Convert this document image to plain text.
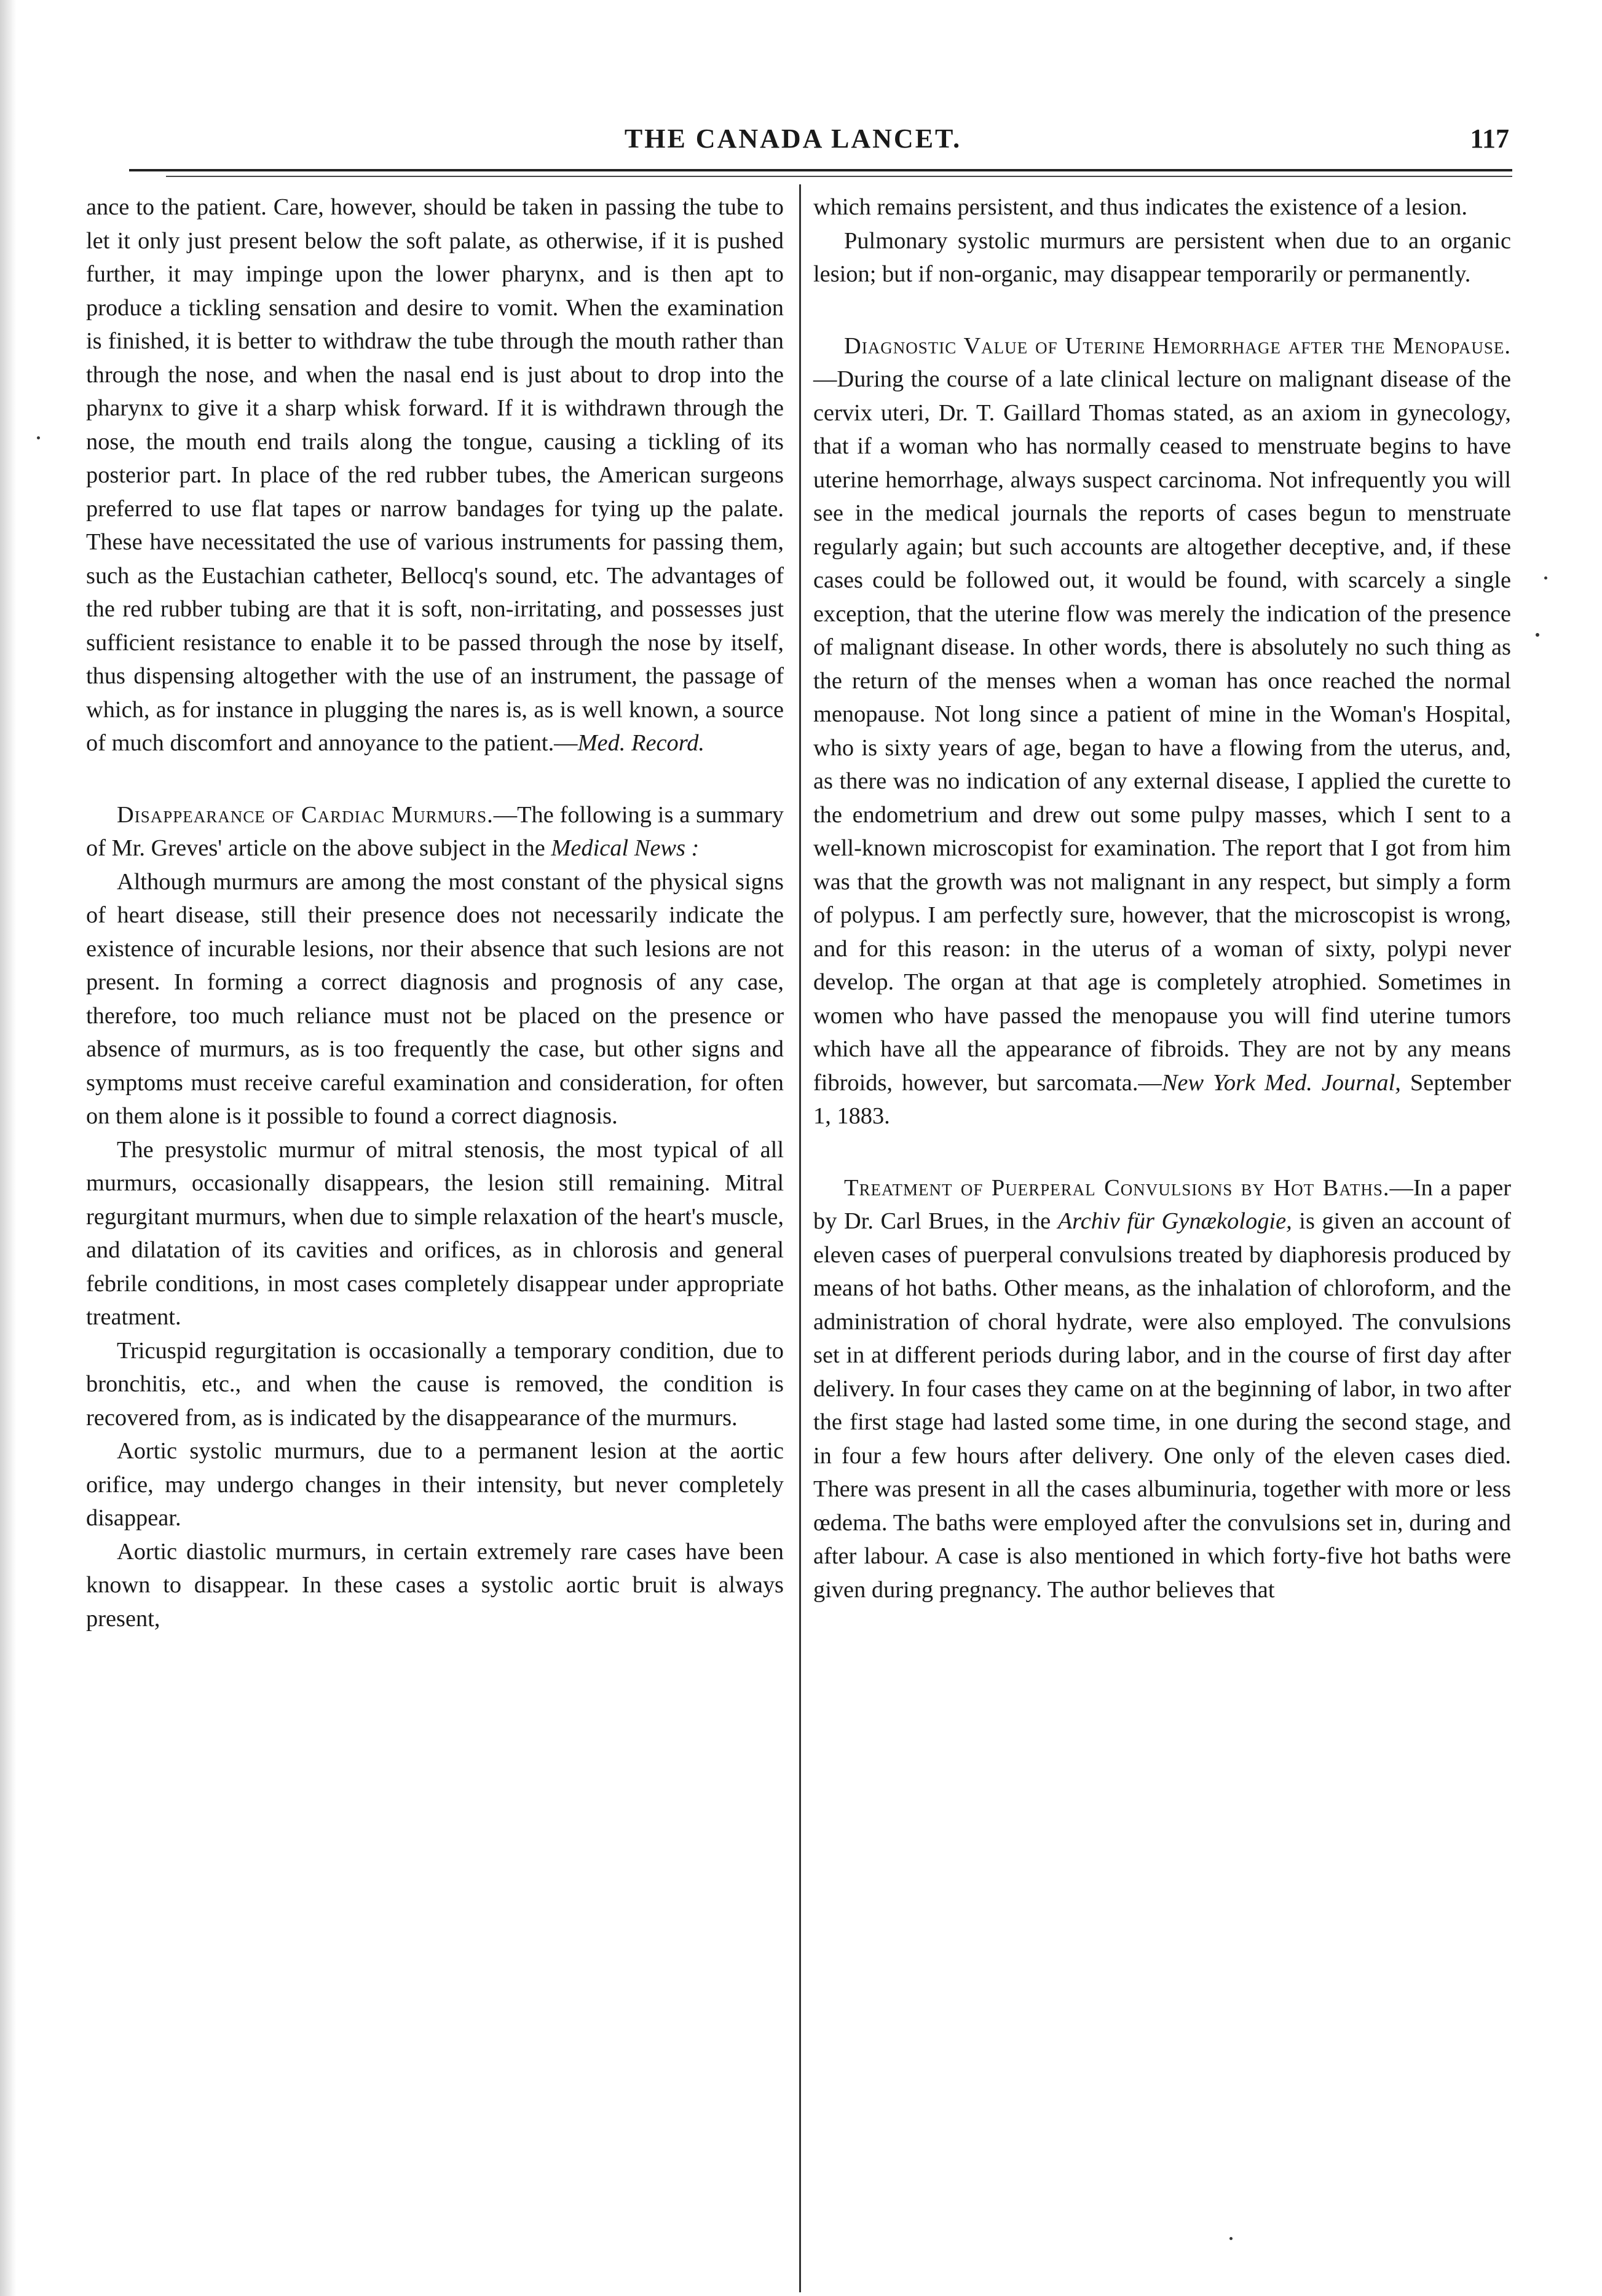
THE CANADA LANCET.	117

ance to the patient. Care, however, should be taken in passing the tube to let it only just present below the soft palate, as otherwise, if it is pushed further, it may impinge upon the lower pharynx, and is then apt to produce a tickling sensation and desire to vomit. When the examination is finished, it is better to withdraw the tube through the mouth rather than through the nose, and when the nasal end is just about to drop into the pharynx to give it a sharp whisk forward. If it is withdrawn through the nose, the mouth end trails along the tongue, causing a tickling of its posterior part. In place of the red rubber tubes, the American surgeons preferred to use flat tapes or narrow bandages for tying up the palate. These have necessitated the use of various instruments for passing them, such as the Eustachian catheter, Bellocq's sound, etc. The advantages of the red rubber tubing are that it is soft, non-irritating, and possesses just sufficient resistance to enable it to be passed through the nose by itself, thus dispensing altogether with the use of an instrument, the passage of which, as for instance in plugging the nares is, as is well known, a source of much discomfort and annoyance to the patient.—Med. Record.

Disappearance of Cardiac Murmurs.—The following is a summary of Mr. Greves' article on the above subject in the Medical News :

Although murmurs are among the most constant of the physical signs of heart disease, still their presence does not necessarily indicate the existence of incurable lesions, nor their absence that such lesions are not present. In forming a correct diagnosis and prognosis of any case, therefore, too much reliance must not be placed on the presence or absence of murmurs, as is too frequently the case, but other signs and symptoms must receive careful examination and consideration, for often on them alone is it possible to found a correct diagnosis.

The presystolic murmur of mitral stenosis, the most typical of all murmurs, occasionally disappears, the lesion still remaining. Mitral regurgitant murmurs, when due to simple relaxation of the heart's muscle, and dilatation of its cavities and orifices, as in chlorosis and general febrile conditions, in most cases completely disappear under appropriate treatment.

Tricuspid regurgitation is occasionally a temporary condition, due to bronchitis, etc., and when the cause is removed, the condition is recovered from, as is indicated by the disappearance of the murmurs.

Aortic systolic murmurs, due to a permanent lesion at the aortic orifice, may undergo changes in their intensity, but never completely disappear.

Aortic diastolic murmurs, in certain extremely rare cases have been known to disappear. In these cases a systolic aortic bruit is always present,

which remains persistent, and thus indicates the existence of a lesion.

Pulmonary systolic murmurs are persistent when due to an organic lesion; but if non-organic, may disappear temporarily or permanently.

Diagnostic Value of Uterine Hemorrhage after the Menopause.—During the course of a late clinical lecture on malignant disease of the cervix uteri, Dr. T. Gaillard Thomas stated, as an axiom in gynecology, that if a woman who has normally ceased to menstruate begins to have uterine hemorrhage, always suspect carcinoma. Not infrequently you will see in the medical journals the reports of cases begun to menstruate regularly again; but such accounts are altogether deceptive, and, if these cases could be followed out, it would be found, with scarcely a single exception, that the uterine flow was merely the indication of the presence of malignant disease. In other words, there is absolutely no such thing as the return of the menses when a woman has once reached the normal menopause. Not long since a patient of mine in the Woman's Hospital, who is sixty years of age, began to have a flowing from the uterus, and, as there was no indication of any external disease, I applied the curette to the endometrium and drew out some pulpy masses, which I sent to a well-known microscopist for examination. The report that I got from him was that the growth was not malignant in any respect, but simply a form of polypus. I am perfectly sure, however, that the microscopist is wrong, and for this reason: in the uterus of a woman of sixty, polypi never develop. The organ at that age is completely atrophied. Sometimes in women who have passed the menopause you will find uterine tumors which have all the appearance of fibroids. They are not by any means fibroids, however, but sarcomata.—New York Med. Journal, September 1, 1883.

Treatment of Puerperal Convulsions by Hot Baths.—In a paper by Dr. Carl Brues, in the Archiv für Gynækologie, is given an account of eleven cases of puerperal convulsions treated by diaphoresis produced by means of hot baths. Other means, as the inhalation of chloroform, and the administration of choral hydrate, were also employed. The convulsions set in at different periods during labor, and in the course of first day after delivery. In four cases they came on at the beginning of labor, in two after the first stage had lasted some time, in one during the second stage, and in four a few hours after delivery. One only of the eleven cases died. There was present in all the cases albuminuria, together with more or less œdema. The baths were employed after the convulsions set in, during and after labour. A case is also mentioned in which forty-five hot baths were given during pregnancy. The author believes that
